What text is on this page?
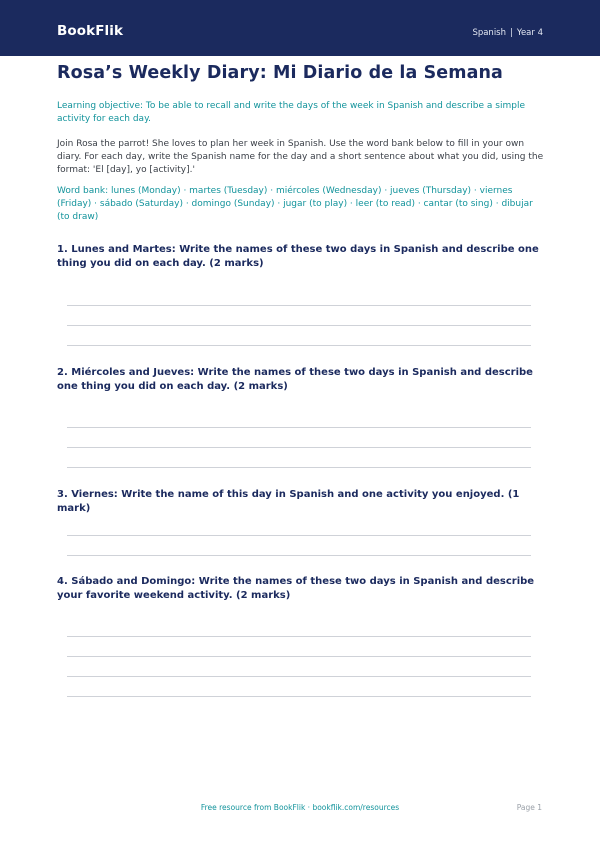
BookFlik	Spanish | Year 4
Rosa’s Weekly Diary: Mi Diario de la Semana

Learning objective: To be able to recall and write the days of the week in Spanish and describe a simple activity for each day.

Join Rosa the parrot! She loves to plan her week in Spanish. Use the word bank below to fill in your own diary. For each day, write the Spanish name for the day and a short sentence about what you did, using the format: 'El [day], yo [activity].'

Word bank: lunes (Monday) · martes (Tuesday) · miércoles (Wednesday) · jueves (Thursday) · viernes (Friday) · sábado (Saturday) · domingo (Sunday) · jugar (to play) · leer (to read) · cantar (to sing) · dibujar (to draw)

1. Lunes and Martes: Write the names of these two days in Spanish and describe one thing you did on each day. (2 marks)

2. Miércoles and Jueves: Write the names of these two days in Spanish and describe one thing you did on each day. (2 marks)

3. Viernes: Write the name of this day in Spanish and one activity you enjoyed. (1 mark)

4. Sábado and Domingo: Write the names of these two days in Spanish and describe your favorite weekend activity. (2 marks)

Free resource from BookFlik · bookflik.com/resources	Page 1
